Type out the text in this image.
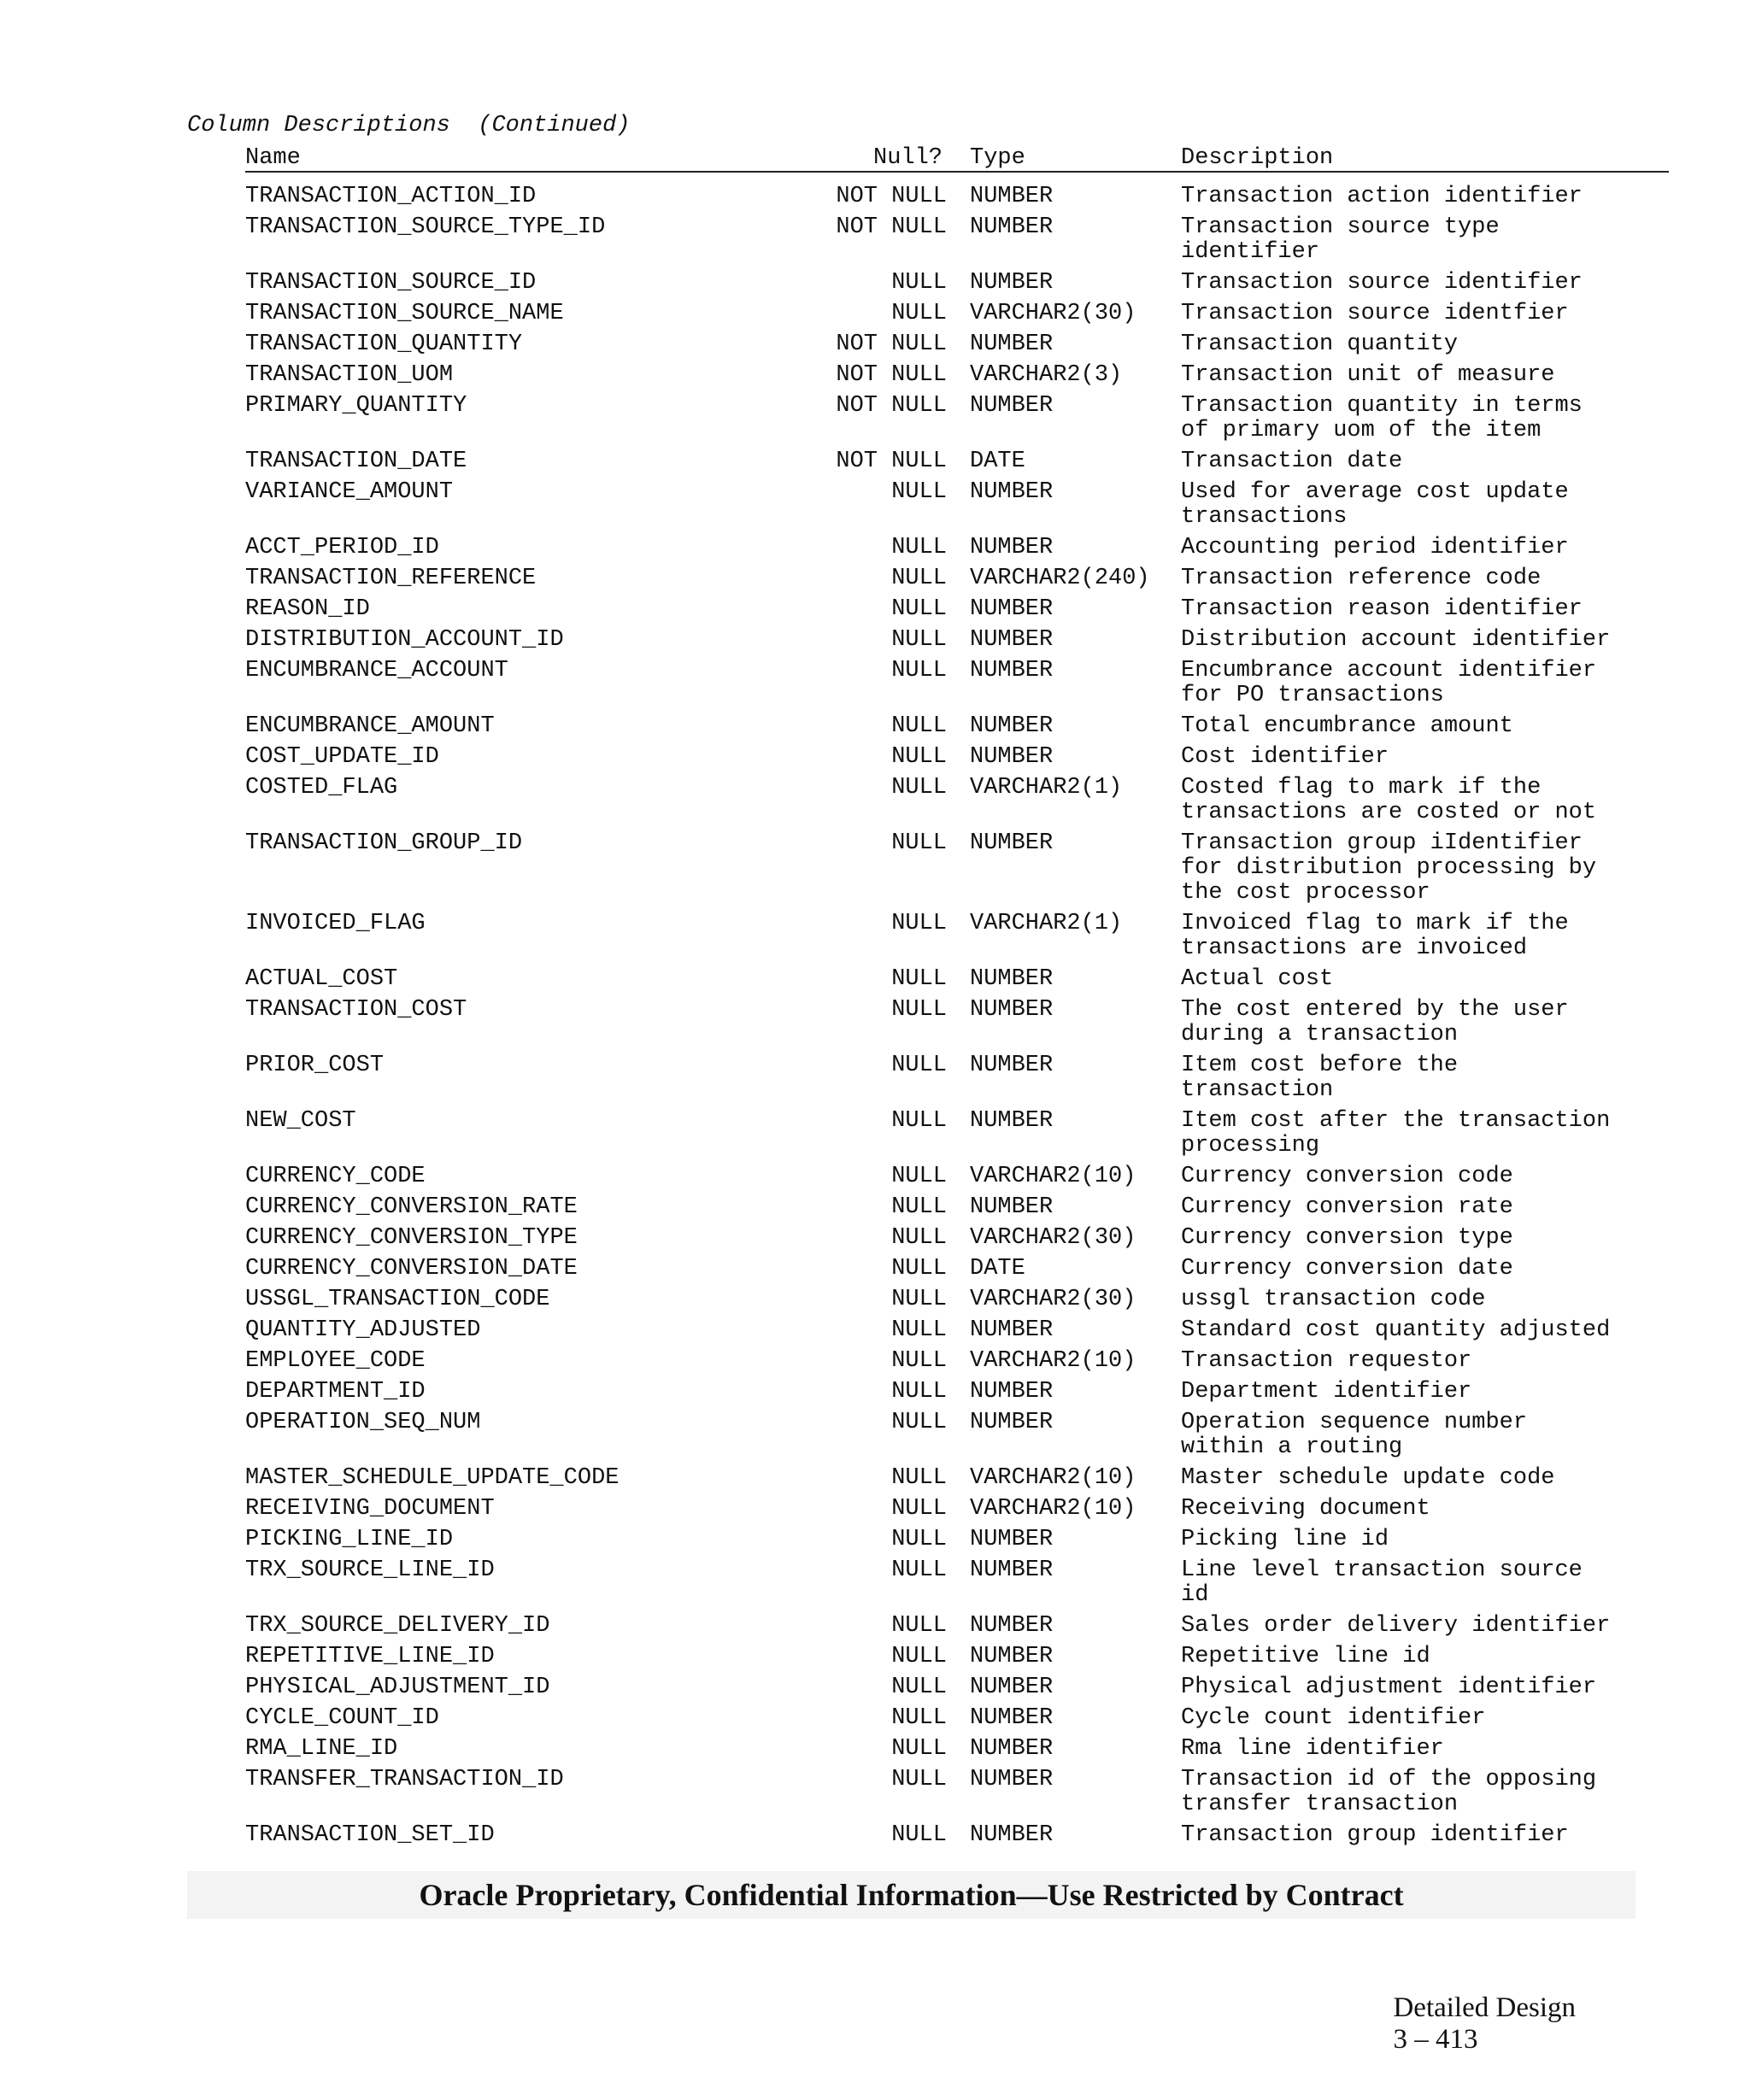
Column Descriptions  (Continued)
Name	Null? Type	Description
TRANSACTION_ACTION_ID	NOT NULL NUMBER	Transaction action identifier
TRANSACTION_SOURCE_TYPE_ID	NOT NULL NUMBER	Transaction source type
identifier
TRANSACTION_SOURCE_ID	NULL NUMBER	Transaction source identifier
TRANSACTION_SOURCE_NAME	NULL VARCHAR2(30) Transaction source identfier
TRANSACTION_QUANTITY	NOT NULL NUMBER	Transaction quantity
TRANSACTION_UOM	NOT NULL VARCHAR2(3)	Transaction unit of measure
PRIMARY_QUANTITY	NOT NULL NUMBER	Transaction quantity in terms
of primary uom of the item
TRANSACTION_DATE	NOT NULL DATE	Transaction date
VARIANCE_AMOUNT	NULL NUMBER	Used for average cost update
transactions
ACCT_PERIOD_ID	NULL NUMBER	Accounting period identifier
TRANSACTION_REFERENCE	NULL VARCHAR2(240) Transaction reference code
REASON_ID	NULL NUMBER	Transaction reason identifier
DISTRIBUTION_ACCOUNT_ID	NULL NUMBER	Distribution account identifier
ENCUMBRANCE_ACCOUNT	NULL NUMBER	Encumbrance account identifier
for PO transactions
ENCUMBRANCE_AMOUNT	NULL NUMBER	Total encumbrance amount
COST_UPDATE_ID	NULL NUMBER	Cost identifier
COSTED_FLAG	NULL VARCHAR2(1)	Costed flag to mark if the
transactions are costed or not
TRANSACTION_GROUP_ID	NULL NUMBER	Transaction group iIdentifier
for distribution processing by
the cost processor
INVOICED_FLAG	NULL VARCHAR2(1)	Invoiced flag to mark if the
transactions are invoiced
ACTUAL_COST	NULL NUMBER	Actual cost
TRANSACTION_COST	NULL NUMBER	The cost entered by the user
during a transaction
PRIOR_COST	NULL NUMBER	Item cost before the
transaction
NEW_COST	NULL NUMBER	Item cost after the transaction
processing
CURRENCY_CODE	NULL VARCHAR2(10) Currency conversion code
CURRENCY_CONVERSION_RATE	NULL NUMBER	Currency conversion rate
CURRENCY_CONVERSION_TYPE	NULL VARCHAR2(30) Currency conversion type
CURRENCY_CONVERSION_DATE	NULL DATE	Currency conversion date
USSGL_TRANSACTION_CODE	NULL VARCHAR2(30) ussgl transaction code
QUANTITY_ADJUSTED	NULL NUMBER	Standard cost quantity adjusted
EMPLOYEE_CODE	NULL VARCHAR2(10) Transaction requestor
DEPARTMENT_ID	NULL NUMBER	Department identifier
OPERATION_SEQ_NUM	NULL NUMBER	Operation sequence number
within a routing
MASTER_SCHEDULE_UPDATE_CODE	NULL VARCHAR2(10) Master schedule update code
RECEIVING_DOCUMENT	NULL VARCHAR2(10) Receiving document
PICKING_LINE_ID	NULL NUMBER	Picking line id
TRX_SOURCE_LINE_ID	NULL NUMBER	Line level transaction source
id
TRX_SOURCE_DELIVERY_ID	NULL NUMBER	Sales order delivery identifier
REPETITIVE_LINE_ID	NULL NUMBER	Repetitive line id
PHYSICAL_ADJUSTMENT_ID	NULL NUMBER	Physical adjustment identifier
CYCLE_COUNT_ID	NULL NUMBER	Cycle count identifier
RMA_LINE_ID	NULL NUMBER	Rma line identifier
TRANSFER_TRANSACTION_ID	NULL NUMBER	Transaction id of the opposing
transfer transaction
TRANSACTION_SET_ID	NULL NUMBER	Transaction group identifier
Oracle Proprietary, Confidential Information––Use Restricted by Contract

Detailed Design
3 – 413
